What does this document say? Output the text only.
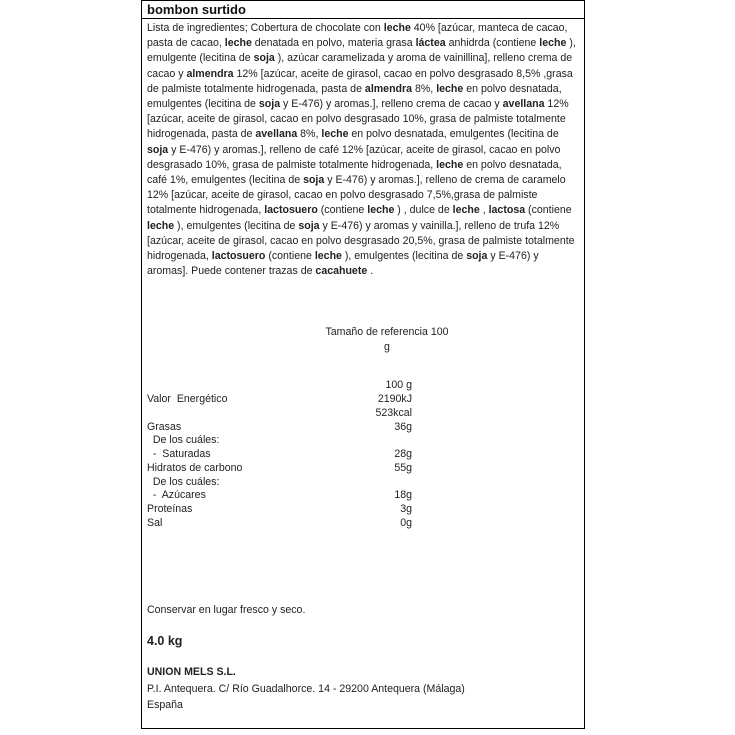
bombon surtido
Lista de ingredientes; Cobertura de chocolate con leche 40% [azúcar, manteca de cacao, pasta de cacao, leche denatada en polvo, materia grasa láctea anhidrda (contiene leche ), emulgente (lecitina de soja ), azúcar caramelizada y aroma de vainillina], relleno crema de cacao y almendra 12% [azúcar, aceite de girasol, cacao en polvo desgrasado 8,5% ,grasa de palmiste totalmente hidrogenada, pasta de almendra 8%, leche en polvo desnatada, emulgentes (lecitina de soja y E-476) y aromas.], relleno crema de cacao y avellana 12% [azúcar, aceite de girasol, cacao en polvo desgrasado 10%, grasa de palmiste totalmente hidrogenada, pasta de avellana 8%, leche en polvo desnatada, emulgentes (lecitina de soja y E-476) y aromas.], relleno de café 12% [azúcar, aceite de girasol, cacao en polvo desgrasado 10%, grasa de palmiste totalmente hidrogenada, leche en polvo desnatada, café 1%, emulgentes (lecitina de soja y E-476) y aromas.], relleno de crema de caramelo 12% [azúcar, aceite de girasol, cacao en polvo desgrasado 7,5%,grasa de palmiste totalmente hidrogenada, lactosuero (contiene leche ) , dulce de leche , lactosa (contiene leche ), emulgentes (lecitina de soja y E-476) y aromas y vainilla.], relleno de trufa 12% [azúcar, aceite de girasol, cacao en polvo desgrasado 20,5%, grasa de palmiste totalmente hidrogenada, lactosuero (contiene leche ), emulgentes (lecitina de soja y E-476) y aromas]. Puede contener trazas de cacahuete .
Tamaño de referencia 100
g
100 g
Valor  Energético	2190kJ
523kcal
Grasas	36g
De los cuáles:
-  Saturadas	28g
Hidratos de carbono	55g
De los cuáles:
-  Azúcares	18g
Proteínas	3g
Sal	0g
Conservar en lugar fresco y seco.
4.0 kg
UNION MELS S.L.
P.I. Antequera. C/ Río Guadalhorce. 14 - 29200 Antequera (Málaga)
España
